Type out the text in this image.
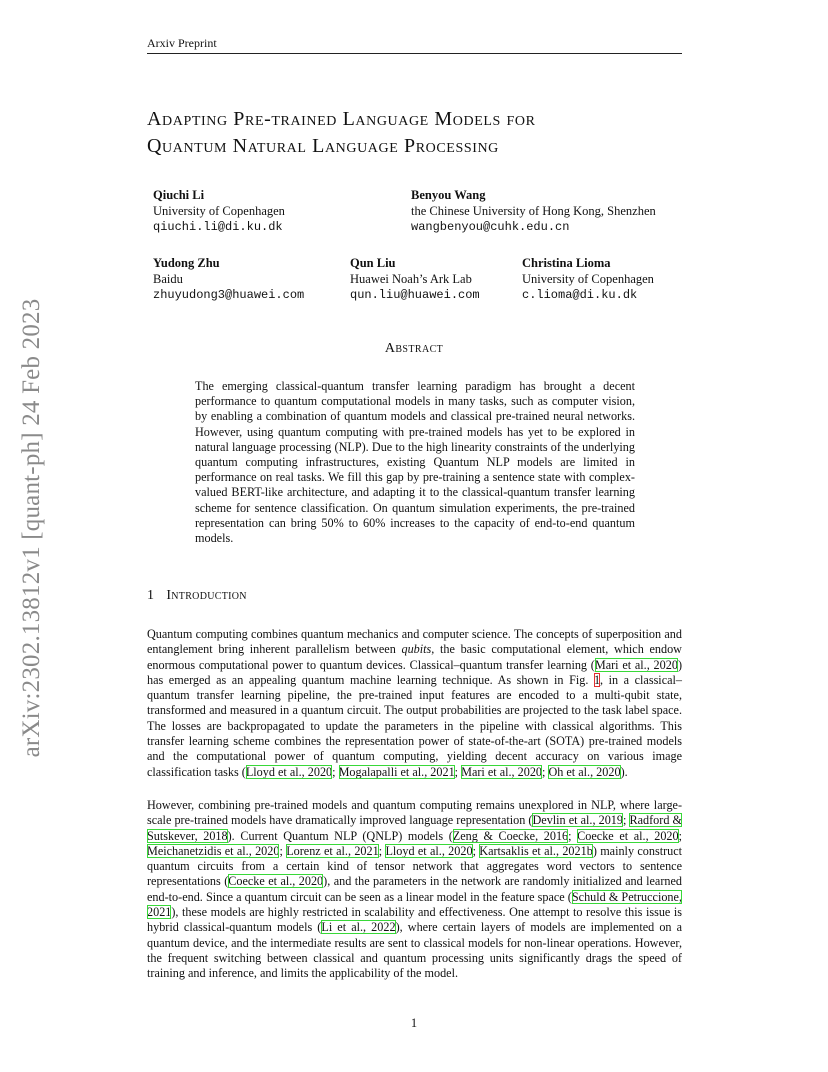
Arxiv Preprint
arXiv:2302.13812v1 [quant-ph] 24 Feb 2023
Adapting Pre-trained Language Models for
Quantum Natural Language Processing
Qiuchi Li
University of Copenhagen
qiuchi.li@di.ku.dk
Benyou Wang
the Chinese University of Hong Kong, Shenzhen
wangbenyou@cuhk.edu.cn
Yudong Zhu
Baidu
zhuyudong3@huawei.com
Qun Liu
Huawei Noah’s Ark Lab
qun.liu@huawei.com
Christina Lioma
University of Copenhagen
c.lioma@di.ku.dk
Abstract
The emerging classical-quantum transfer learning paradigm has brought a decent performance to quantum computational models in many tasks, such as computer vision, by enabling a combination of quantum models and classical pre-trained neural networks. However, using quantum computing with pre-trained models has yet to be explored in natural language processing (NLP). Due to the high linearity constraints of the underlying quantum computing infrastructures, existing Quantum NLP models are limited in performance on real tasks. We fill this gap by pre-training a sentence state with complex-valued BERT-like architecture, and adapting it to the classical-quantum transfer learning scheme for sentence classification. On quantum simulation experiments, the pre-trained representation can bring 50% to 60% increases to the capacity of end-to-end quantum models.
1 Introduction

Quantum computing combines quantum mechanics and computer science. The concepts of superposition and entanglement bring inherent parallelism between qubits, the basic computational element, which endow enormous computational power to quantum devices. Classical–quantum transfer learning (Mari et al., 2020) has emerged as an appealing quantum machine learning technique. As shown in Fig. 1, in a classical–quantum transfer learning pipeline, the pre-trained input features are encoded to a multi-qubit state, transformed and measured in a quantum circuit. The output probabilities are projected to the task label space. The losses are backpropagated to update the parameters in the pipeline with classical algorithms. This transfer learning scheme combines the representation power of state-of-the-art (SOTA) pre-trained models and the computational power of quantum computing, yielding decent accuracy on various image classification tasks (Lloyd et al., 2020; Mogalapalli et al., 2021; Mari et al., 2020; Oh et al., 2020).

However, combining pre-trained models and quantum computing remains unexplored in NLP, where large-scale pre-trained models have dramatically improved language representation (Devlin et al., 2019; Radford & Sutskever, 2018). Current Quantum NLP (QNLP) models (Zeng & Coecke, 2016; Coecke et al., 2020; Meichanetzidis et al., 2020; Lorenz et al., 2021; Lloyd et al., 2020; Kartsaklis et al., 2021b) mainly construct quantum circuits from a certain kind of tensor network that aggregates word vectors to sentence representations (Coecke et al., 2020), and the parameters in the network are randomly initialized and learned end-to-end. Since a quantum circuit can be seen as a linear model in the feature space (Schuld & Petruccione, 2021), these models are highly restricted in scalability and effectiveness. One attempt to resolve this issue is hybrid classical-quantum models (Li et al., 2022), where certain layers of models are implemented on a quantum device, and the intermediate results are sent to classical models for non-linear operations. However, the frequent switching between classical and quantum processing units significantly drags the speed of training and inference, and limits the applicability of the model.

1
